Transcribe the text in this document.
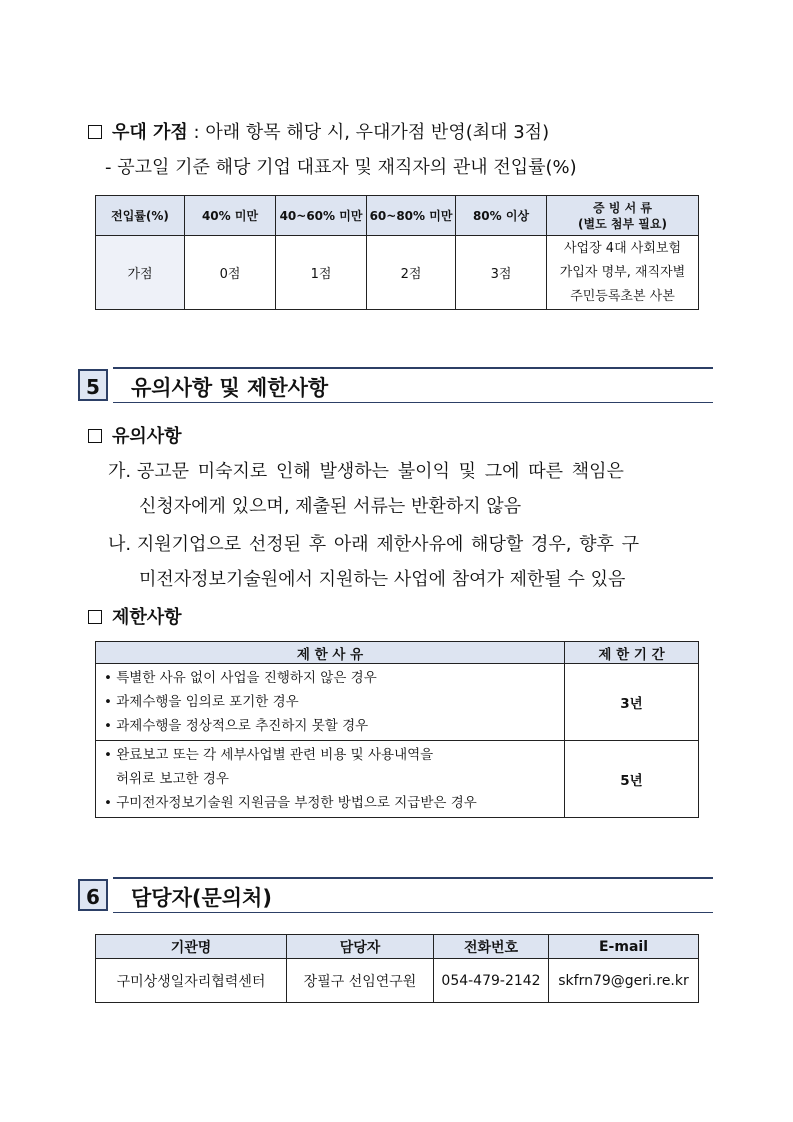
우대 가점 : 아래 항목 해당 시, 우대가점 반영(최대 3점)
- 공고일 기준 해당 기업 대표자 및 재직자의 관내 전입률(%)
전입률(%)	40% 미만	40~60% 미만	60~80% 미만	80% 이상	증 빙 서 류
(별도 첨부 필요)

가점	0점	1점	2점	3점	사업장 4대 사회보험
가입자 명부, 재직자별
주민등록초본 사본
5	유의사항 및 제한사항
유의사항
가. 공고문 미숙지로 인해 발생하는 불이익 및 그에 따른 책임은
신청자에게 있으며, 제출된 서류는 반환하지 않음
나. 지원기업으로 선정된 후 아래 제한사유에 해당할 경우, 향후 구
미전자정보기술원에서 지원하는 사업에 참여가 제한될 수 있음
제한사항
제 한 사 유	제 한 기 간

• 특별한 사유 없이 사업을 진행하지 않은 경우
• 과제수행을 임의로 포기한 경우
• 과제수행을 정상적으로 추진하지 못할 경우	3년

• 완료보고 또는 각 세부사업별 관련 비용 및 사용내역을
허위로 보고한 경우
• 구미전자정보기술원 지원금을 부정한 방법으로 지급받은 경우	5년
6	담당자(문의처)
기관명	담당자	전화번호	E-mail
구미상생일자리협력센터	장필구 선임연구원	054-479-2142	skfrn79@geri.re.kr
